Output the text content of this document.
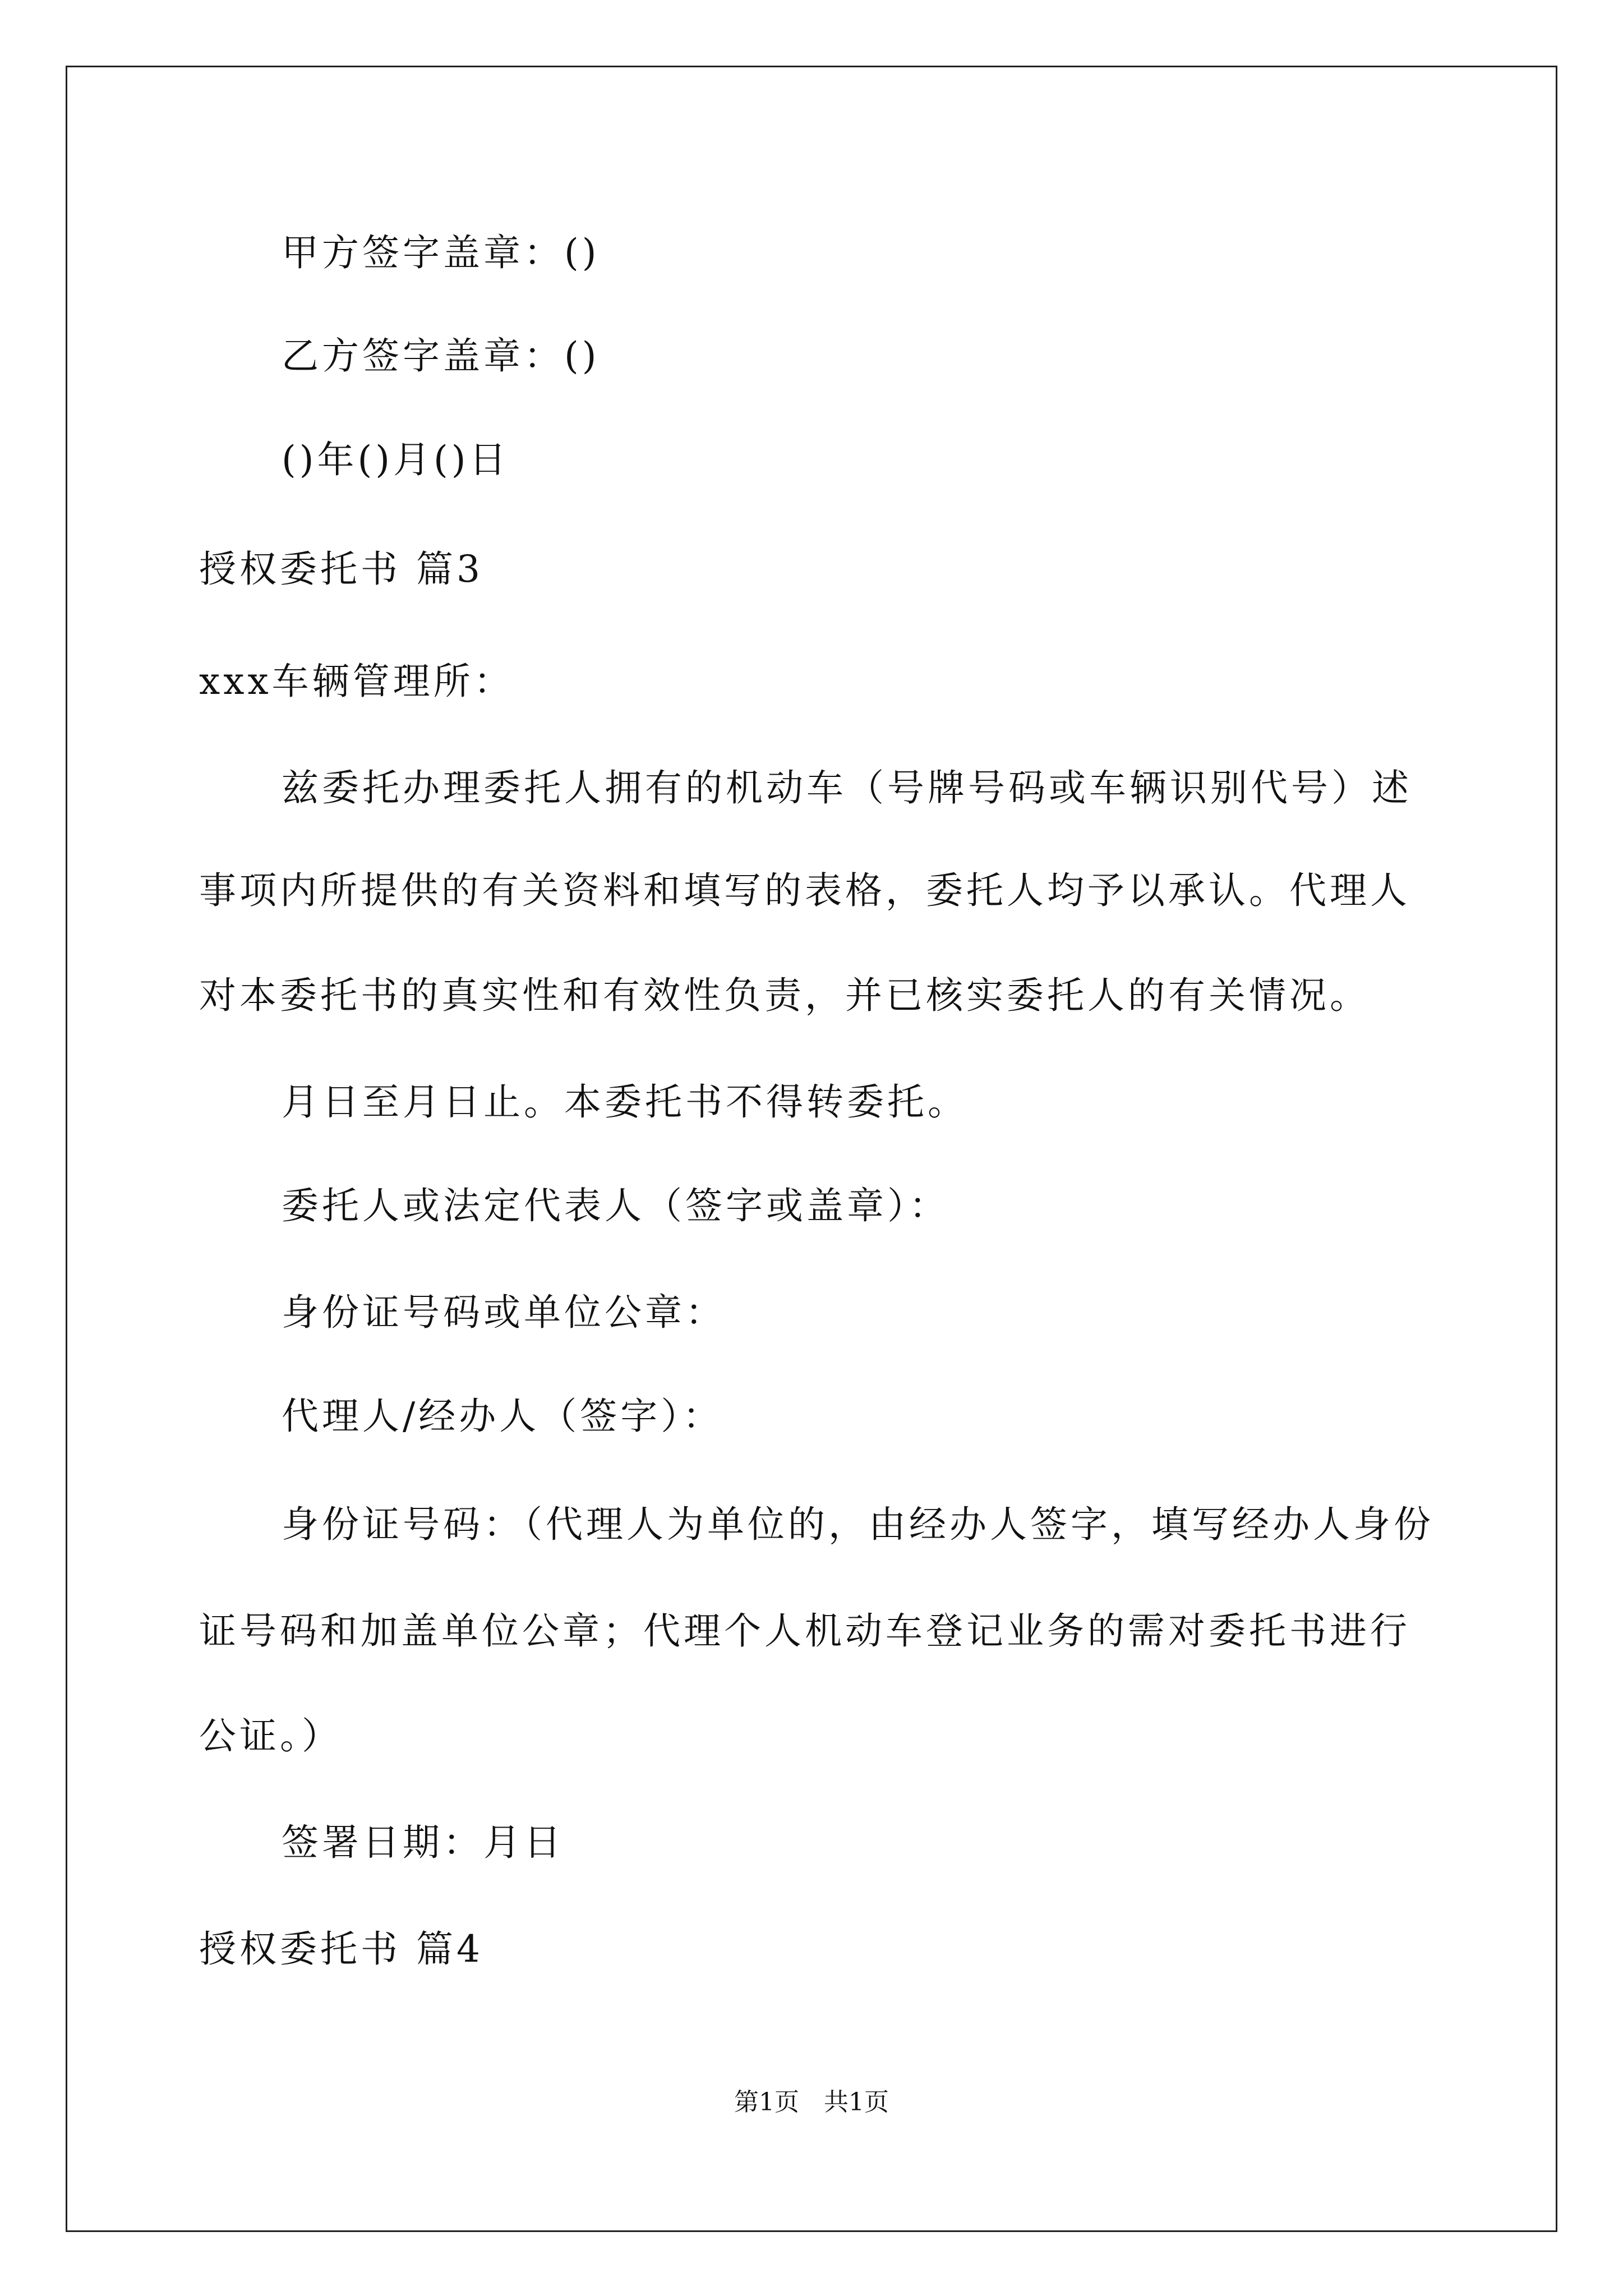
甲方签字盖章：()
乙方签字盖章：()
()年()月()日
授权委托书 篇3
xxx车辆管理所：
兹委托办理委托人拥有的机动车（号牌号码或车辆识别代号）述
事项内所提供的有关资料和填写的表格，委托人均予以承认。代理人
对本委托书的真实性和有效性负责，并已核实委托人的有关情况。
月日至月日止。本委托书不得转委托。
委托人或法定代表人（签字或盖章）：
身份证号码或单位公章：
代理人/经办人（签字）：
身份证号码：（代理人为单位的，由经办人签字，填写经办人身份
证号码和加盖单位公章；代理个人机动车登记业务的需对委托书进行
公证。）
签署日期：月日
授权委托书 篇4
第1页　共1页
